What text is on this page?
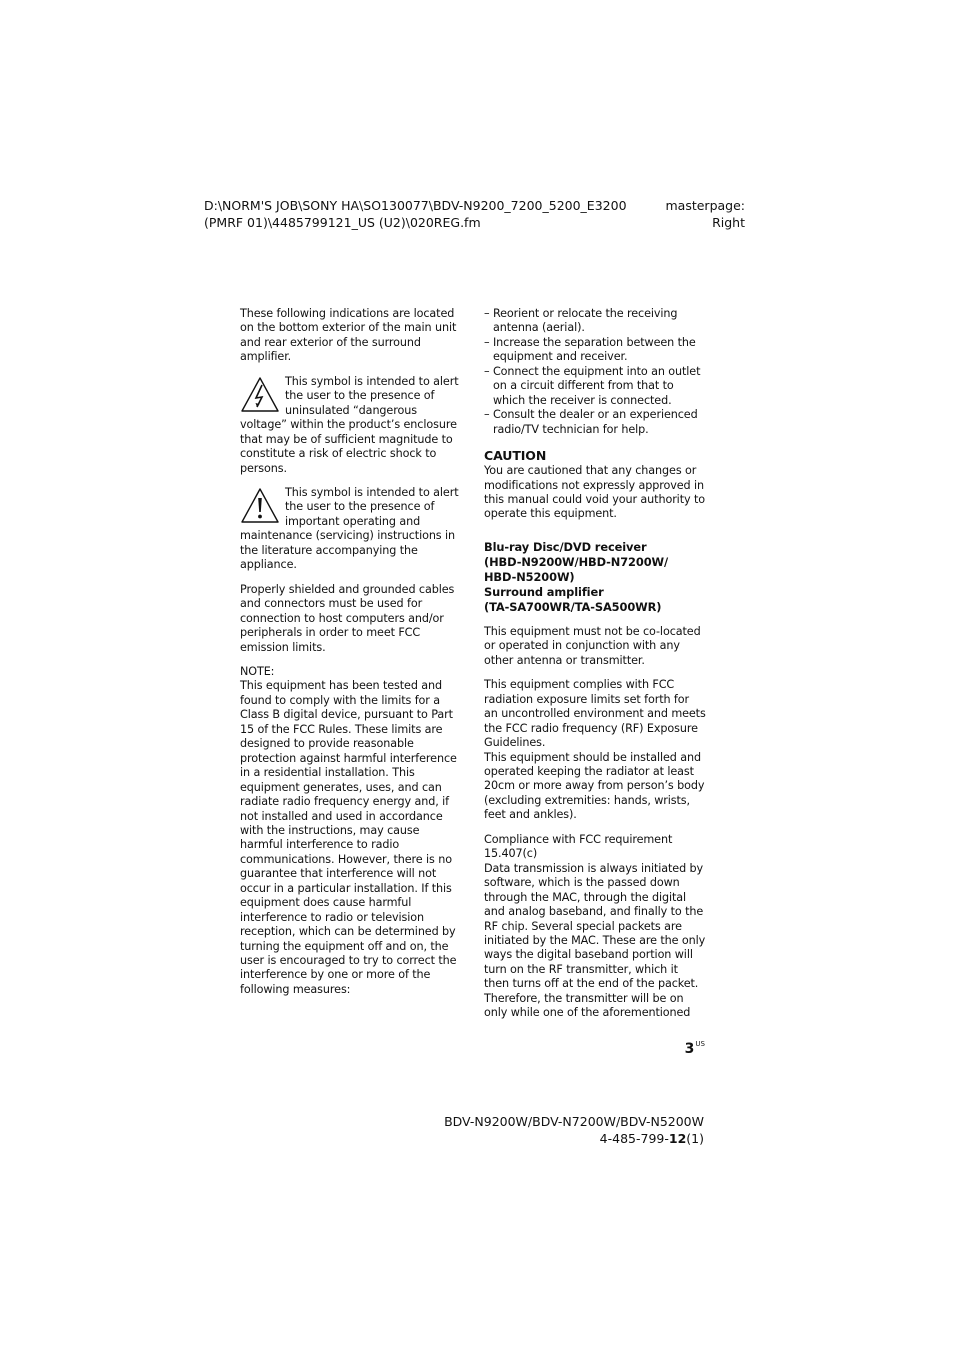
D:\NORM'S JOB\SONY HA\SO130077\BDV-N9200_7200_5200_E3200
(PMRF 01)\4485799121_US (U2)\020REG.fm
masterpage:
Right

These following indications are located on the bottom exterior of the main unit and rear exterior of the surround amplifier.

This symbol is intended to alert the user to the presence of uninsulated “dangerous voltage” within the product’s enclosure that may be of sufficient magnitude to constitute a risk of electric shock to persons.
This symbol is intended to alert the user to the presence of important operating and maintenance (servicing) instructions in the literature accompanying the appliance.

Properly shielded and grounded cables and connectors must be used for connection to host computers and/or peripherals in order to meet FCC emission limits.

NOTE:
This equipment has been tested and found to comply with the limits for a Class B digital device, pursuant to Part 15 of the FCC Rules. These limits are designed to provide reasonable protection against harmful interference in a residential installation. This equipment generates, uses, and can radiate radio frequency energy and, if not installed and used in accordance with the instructions, may cause harmful interference to radio communications. However, there is no guarantee that interference will not occur in a particular installation. If this equipment does cause harmful interference to radio or television reception, which can be determined by turning the equipment off and on, the user is encouraged to try to correct the interference by one or more of the following measures:
– Reorient or relocate the receiving antenna (aerial).
– Increase the separation between the equipment and receiver.
– Connect the equipment into an outlet on a circuit different from that to which the receiver is connected.
– Consult the dealer or an experienced radio/TV technician for help.
CAUTION

You are cautioned that any changes or modifications not expressly approved in this manual could void your authority to operate this equipment.

Blu-ray Disc/DVD receiver
(HBD-N9200W/HBD-N7200W/
HBD-N5200W)
Surround amplifier
(TA-SA700WR/TA-SA500WR)

This equipment must not be co-located or operated in conjunction with any other antenna or transmitter.

This equipment complies with FCC radiation exposure limits set forth for an uncontrolled environment and meets the FCC radio frequency (RF) Exposure Guidelines.
This equipment should be installed and operated keeping the radiator at least 20cm or more away from person’s body (excluding extremities: hands, wrists, feet and ankles).
Compliance with FCC requirement 15.407(c)
Data transmission is always initiated by software, which is the passed down through the MAC, through the digital and analog baseband, and finally to the RF chip. Several special packets are initiated by the MAC. These are the only ways the digital baseband portion will turn on the RF transmitter, which it then turns off at the end of the packet. Therefore, the transmitter will be on only while one of the aforementioned
$3^{US}$
BDV-N9200W/BDV-N7200W/BDV-N5200W
4-485-799-12(1)
